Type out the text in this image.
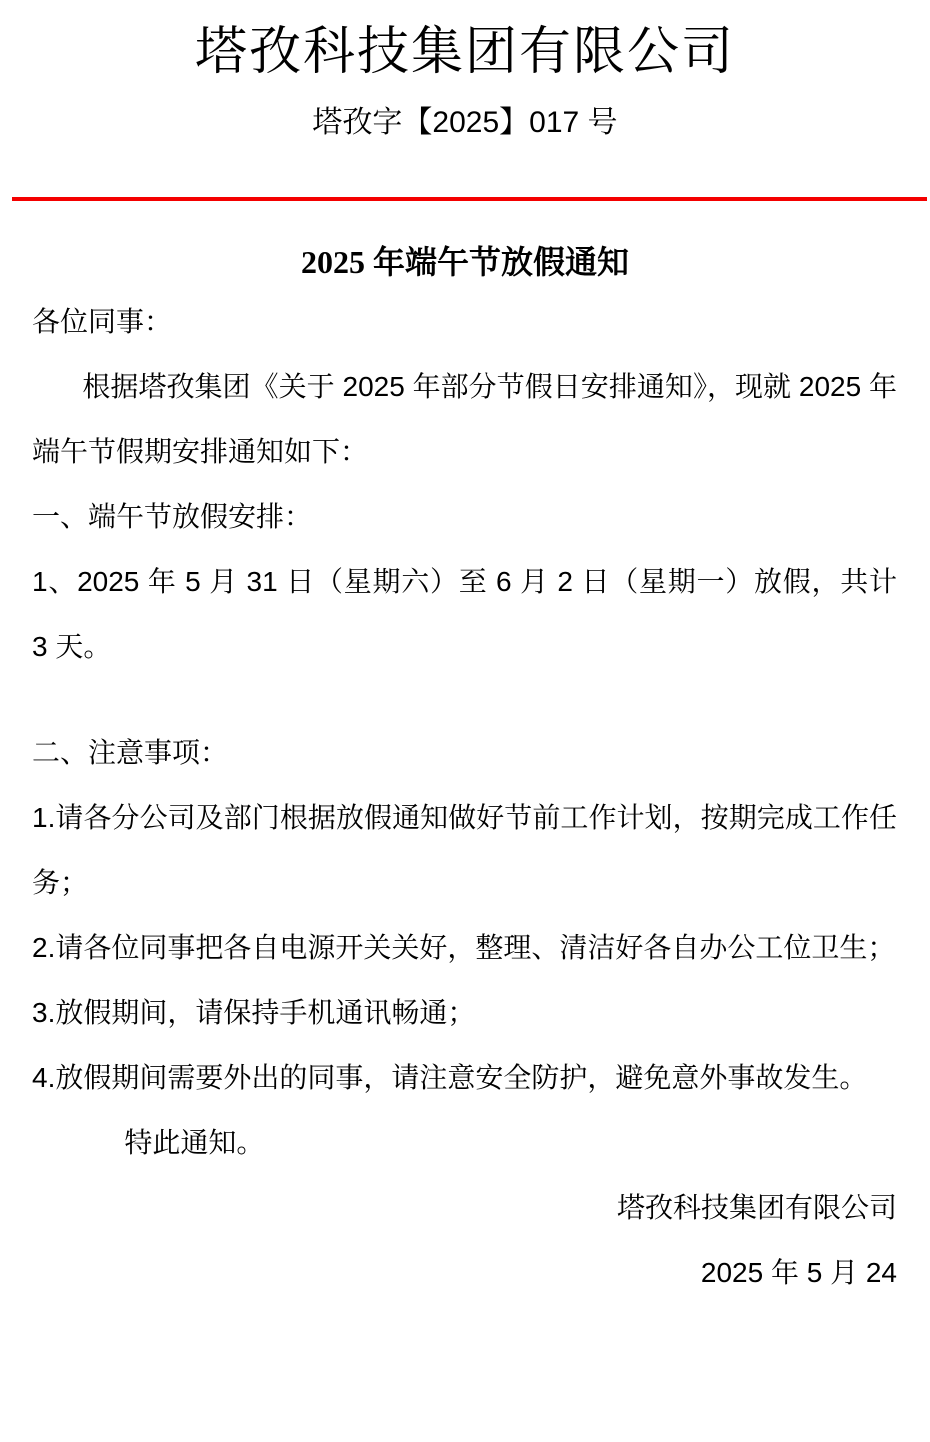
塔孜科技集团有限公司
塔孜字【2025】017 号
2025 年端午节放假通知

各位同事：

根据塔孜集团《关于 2025 年部分节假日安排通知》，现就 2025 年端午节假期安排通知如下：

一、端午节放假安排：

1、2025 年 5 月 31 日（星期六）至 6 月 2 日（星期一）放假，共计 3 天。

二、注意事项：

1.请各分公司及部门根据放假通知做好节前工作计划，按期完成工作任务；

2.请各位同事把各自电源开关关好，整理、清洁好各自办公工位卫生；

3.放假期间，请保持手机通讯畅通；

4.放假期间需要外出的同事，请注意安全防护，避免意外事故发生。

特此通知。

塔孜科技集团有限公司

2025 年 5 月 24
